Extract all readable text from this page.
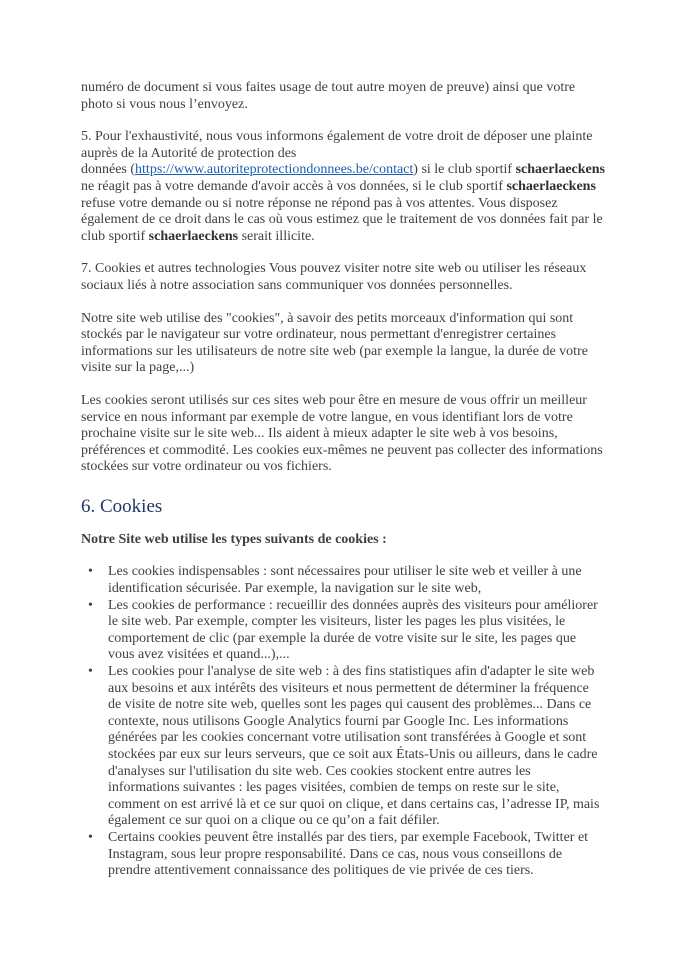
numéro de document si vous faites usage de tout autre moyen de preuve) ainsi que votre photo si vous nous l’envoyez.

5. Pour l'exhaustivité, nous vous informons également de votre droit de déposer une plainte auprès de la Autorité de protection des
données (https://www.autoriteprotectiondonnees.be/contact) si le club sportif schaerlaeckens ne réagit pas à votre demande d'avoir accès à vos données, si le club sportif schaerlaeckens refuse votre demande ou si notre réponse ne répond pas à vos attentes. Vous disposez également de ce droit dans le cas où vous estimez que le traitement de vos données fait par le club sportif schaerlaeckens serait illicite.

7. Cookies et autres technologies Vous pouvez visiter notre site web ou utiliser les réseaux sociaux liés à notre association sans communiquer vos données personnelles.

Notre site web utilise des "cookies", à savoir des petits morceaux d'information qui sont stockés par le navigateur sur votre ordinateur, nous permettant d'enregistrer certaines informations sur les utilisateurs de notre site web (par exemple la langue, la durée de votre visite sur la page,...)

Les cookies seront utilisés sur ces sites web pour être en mesure de vous offrir un meilleur service en nous informant par exemple de votre langue, en vous identifiant lors de votre prochaine visite sur le site web... Ils aident à mieux adapter le site web à vos besoins, préférences et commodité. Les cookies eux-mêmes ne peuvent pas collecter des informations stockées sur votre ordinateur ou vos fichiers.

6. Cookies

Notre Site web utilise les types suivants de cookies :

• Les cookies indispensables : sont nécessaires pour utiliser le site web et veiller à une identification sécurisée. Par exemple, la navigation sur le site web,
• Les cookies de performance : recueillir des données auprès des visiteurs pour améliorer le site web. Par exemple, compter les visiteurs, lister les pages les plus visitées, le comportement de clic (par exemple la durée de votre visite sur le site, les pages que vous avez visitées et quand...),...
• Les cookies pour l'analyse de site web : à des fins statistiques afin d'adapter le site web aux besoins et aux intérêts des visiteurs et nous permettent de déterminer la fréquence de visite de notre site web, quelles sont les pages qui causent des problèmes... Dans ce contexte, nous utilisons Google Analytics fourni par Google Inc. Les informations générées par les cookies concernant votre utilisation sont transférées à Google et sont stockées par eux sur leurs serveurs, que ce soit aux États-Unis ou ailleurs, dans le cadre d'analyses sur l'utilisation du site web. Ces cookies stockent entre autres les informations suivantes : les pages visitées, combien de temps on reste sur le site, comment on est arrivé là et ce sur quoi on clique, et dans certains cas, l’adresse IP, mais également ce sur quoi on a clique ou ce qu’on a fait défiler.
• Certains cookies peuvent être installés par des tiers, par exemple Facebook, Twitter et Instagram, sous leur propre responsabilité. Dans ce cas, nous vous conseillons de prendre attentivement connaissance des politiques de vie privée de ces tiers.
